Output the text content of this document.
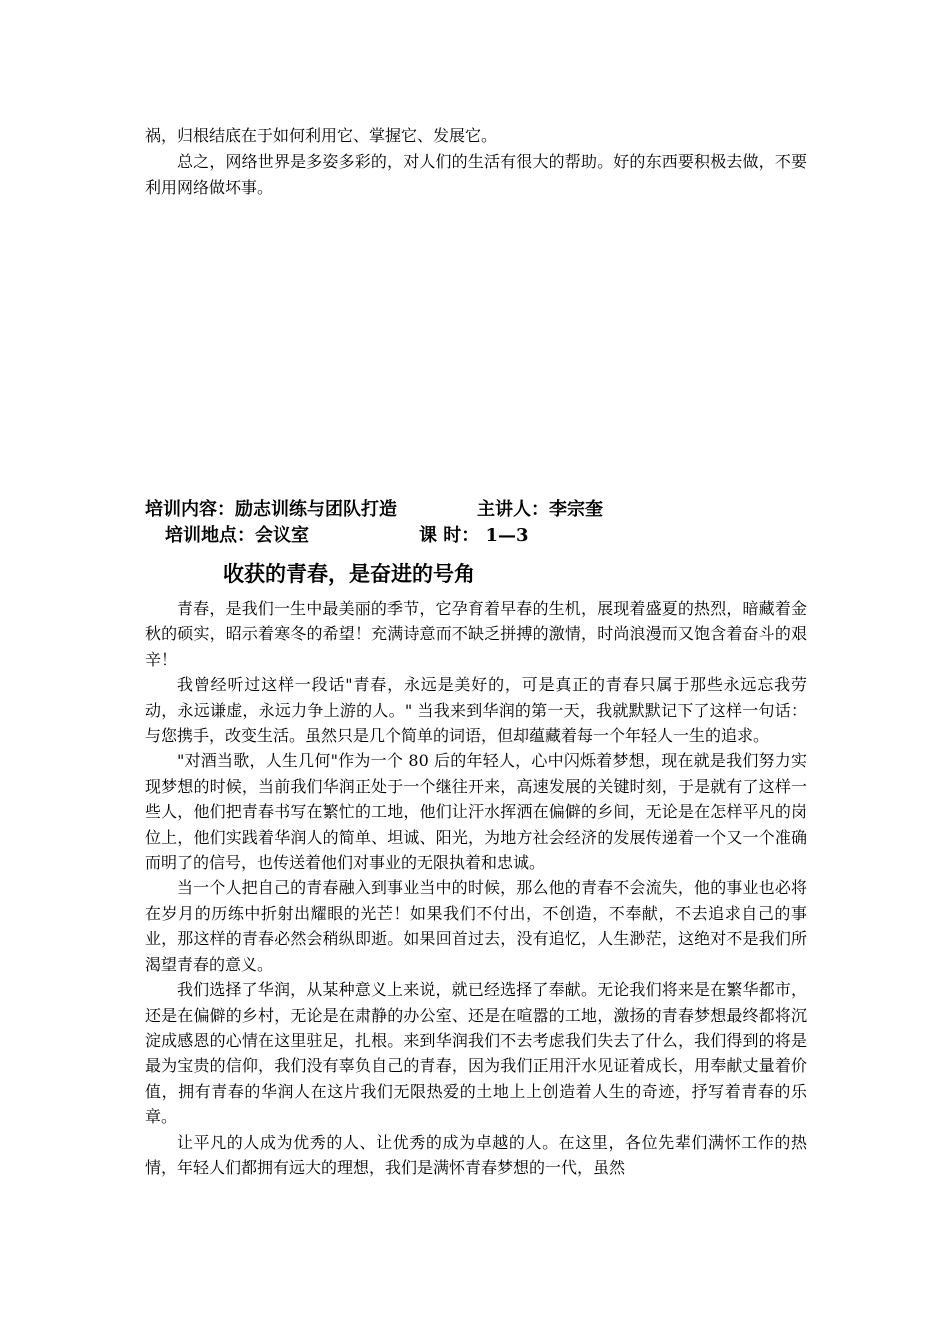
祸，归根结底在于如何利用它、掌握它、发展它。

总之，网络世界是多姿多彩的，对人们的生活有很大的帮助。好的东西要积极去做，不要利用网络做坏事。

培训内容：励志训练与团队打造	主讲人：李宗奎
培训地点：会议室	课 时： 1—3
收获的青春，是奋进的号角

青春，是我们一生中最美丽的季节，它孕育着早春的生机，展现着盛夏的热烈，暗藏着金秋的硕实，昭示着寒冬的希望！充满诗意而不缺乏拼搏的激情，时尚浪漫而又饱含着奋斗的艰辛！

我曾经听过这样一段话"青春，永远是美好的，可是真正的青春只属于那些永远忘我劳动，永远谦虚，永远力争上游的人。" 当我来到华润的第一天，我就默默记下了这样一句话：与您携手，改变生活。虽然只是几个简单的词语，但却蕴藏着每一个年轻人一生的追求。

"对酒当歌，人生几何"作为一个 80 后的年轻人，心中闪烁着梦想，现在就是我们努力实现梦想的时候，当前我们华润正处于一个继往开来，高速发展的关键时刻，于是就有了这样一些人，他们把青春书写在繁忙的工地，他们让汗水挥洒在偏僻的乡间，无论是在怎样平凡的岗位上，他们实践着华润人的简单、坦诚、阳光，为地方社会经济的发展传递着一个又一个准确而明了的信号，也传送着他们对事业的无限执着和忠诚。

当一个人把自己的青春融入到事业当中的时候，那么他的青春不会流失，他的事业也必将在岁月的历练中折射出耀眼的光芒！如果我们不付出，不创造，不奉献，不去追求自己的事业，那这样的青春必然会稍纵即逝。如果回首过去，没有追忆，人生渺茫，这绝对不是我们所渴望青春的意义。

我们选择了华润，从某种意义上来说，就已经选择了奉献。无论我们将来是在繁华都市，还是在偏僻的乡村，无论是在肃静的办公室、还是在喧嚣的工地，激扬的青春梦想最终都将沉淀成感恩的心情在这里驻足，扎根。来到华润我们不去考虑我们失去了什么，我们得到的将是最为宝贵的信仰，我们没有辜负自己的青春，因为我们正用汗水见证着成长，用奉献丈量着价值，拥有青春的华润人在这片我们无限热爱的土地上上创造着人生的奇迹，抒写着青春的乐章。

让平凡的人成为优秀的人、让优秀的成为卓越的人。在这里，各位先辈们满怀工作的热情，年轻人们都拥有远大的理想，我们是满怀青春梦想的一代，虽然
